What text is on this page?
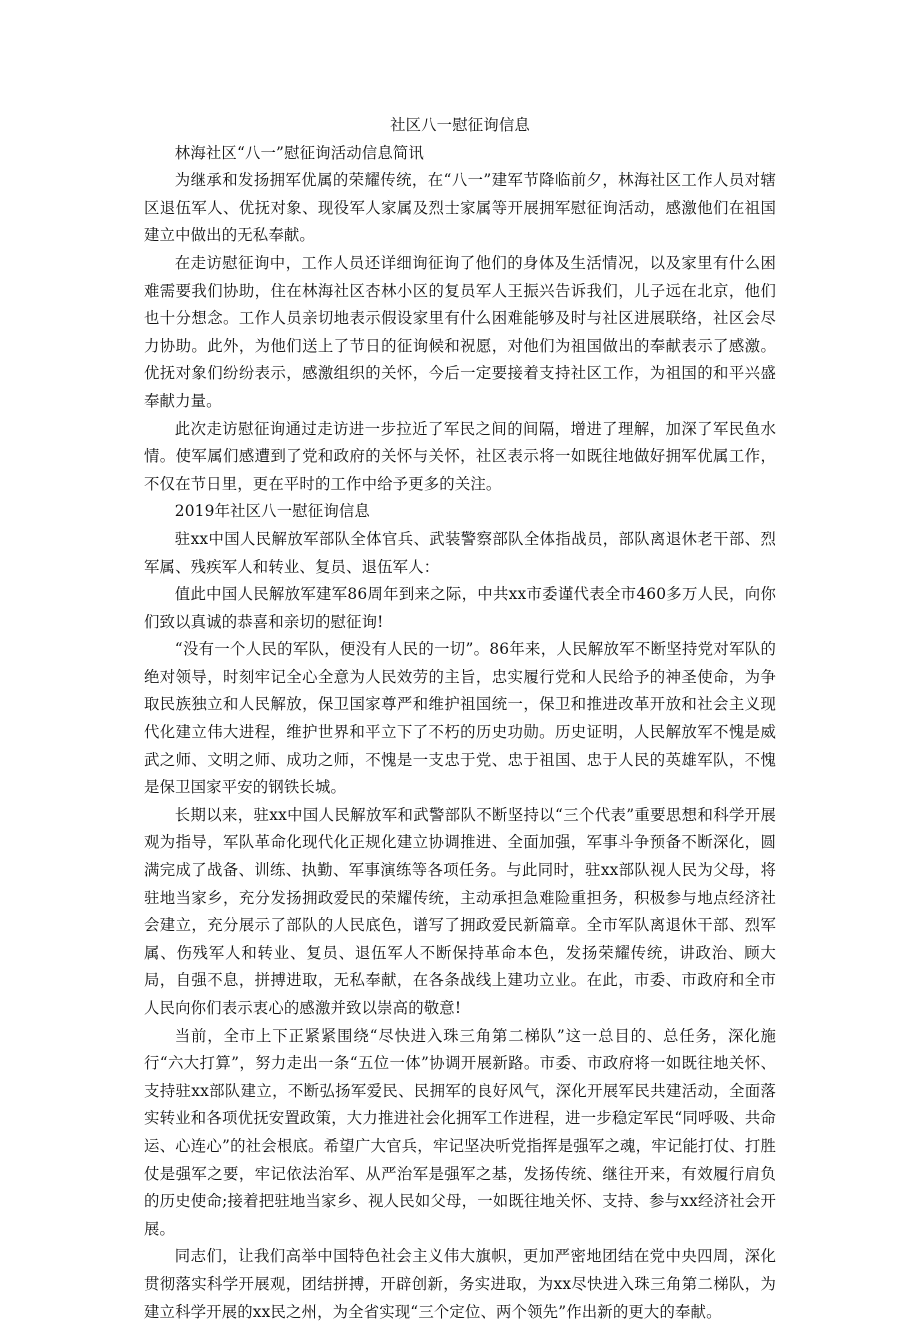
社区八一慰征询信息

林海社区“八一”慰征询活动信息简讯

为继承和发扬拥军优属的荣耀传统，在“八一”建军节降临前夕，林海社区工作人员对辖区退伍军人、优抚对象、现役军人家属及烈士家属等开展拥军慰征询活动，感激他们在祖国建立中做出的无私奉献。

在走访慰征询中，工作人员还详细询征询了他们的身体及生活情况，以及家里有什么困难需要我们协助，住在林海社区杏林小区的复员军人王振兴告诉我们，儿子远在北京，他们也十分想念。工作人员亲切地表示假设家里有什么困难能够及时与社区进展联络，社区会尽力协助。此外，为他们送上了节日的征询候和祝愿，对他们为祖国做出的奉献表示了感激。优抚对象们纷纷表示，感激组织的关怀，今后一定要接着支持社区工作，为祖国的和平兴盛奉献力量。

此次走访慰征询通过走访进一步拉近了军民之间的间隔，增进了理解，加深了军民鱼水情。使军属们感遭到了党和政府的关怀与关怀，社区表示将一如既往地做好拥军优属工作，不仅在节日里，更在平时的工作中给予更多的关注。

2019年社区八一慰征询信息

驻xx中国人民解放军部队全体官兵、武装警察部队全体指战员，部队离退休老干部、烈军属、残疾军人和转业、复员、退伍军人：

值此中国人民解放军建军86周年到来之际，中共xx市委谨代表全市460多万人民，向你们致以真诚的恭喜和亲切的慰征询!

“没有一个人民的军队，便没有人民的一切”。86年来，人民解放军不断坚持党对军队的绝对领导，时刻牢记全心全意为人民效劳的主旨，忠实履行党和人民给予的神圣使命，为争取民族独立和人民解放，保卫国家尊严和维护祖国统一，保卫和推进改革开放和社会主义现代化建立伟大进程，维护世界和平立下了不朽的历史功勋。历史证明，人民解放军不愧是威武之师、文明之师、成功之师，不愧是一支忠于党、忠于祖国、忠于人民的英雄军队，不愧是保卫国家平安的钢铁长城。

长期以来，驻xx中国人民解放军和武警部队不断坚持以“三个代表”重要思想和科学开展观为指导，军队革命化现代化正规化建立协调推进、全面加强，军事斗争预备不断深化，圆满完成了战备、训练、执勤、军事演练等各项任务。与此同时，驻xx部队视人民为父母，将驻地当家乡，充分发扬拥政爱民的荣耀传统，主动承担急难险重担务，积极参与地点经济社会建立，充分展示了部队的人民底色，谱写了拥政爱民新篇章。全市军队离退休干部、烈军属、伤残军人和转业、复员、退伍军人不断保持革命本色，发扬荣耀传统，讲政治、顾大局，自强不息，拼搏进取，无私奉献，在各条战线上建功立业。在此，市委、市政府和全市人民向你们表示衷心的感激并致以崇高的敬意!

当前，全市上下正紧紧围绕“尽快进入珠三角第二梯队”这一总目的、总任务，深化施行“六大打算”，努力走出一条“五位一体”协调开展新路。市委、市政府将一如既往地关怀、支持驻xx部队建立，不断弘扬军爱民、民拥军的良好风气，深化开展军民共建活动，全面落实转业和各项优抚安置政策，大力推进社会化拥军工作进程，进一步稳定军民“同呼吸、共命运、心连心”的社会根底。希望广大官兵，牢记坚决听党指挥是强军之魂，牢记能打仗、打胜仗是强军之要，牢记依法治军、从严治军是强军之基，发扬传统、继往开来，有效履行肩负的历史使命;接着把驻地当家乡、视人民如父母，一如既往地关怀、支持、参与xx经济社会开展。

同志们，让我们高举中国特色社会主义伟大旗帜，更加严密地团结在党中央四周，深化贯彻落实科学开展观，团结拼搏，开辟创新，务实进取，为xx尽快进入珠三角第二梯队，为建立科学开展的xx民之州，为全省实现“三个定位、两个领先”作出新的更大的奉献。
